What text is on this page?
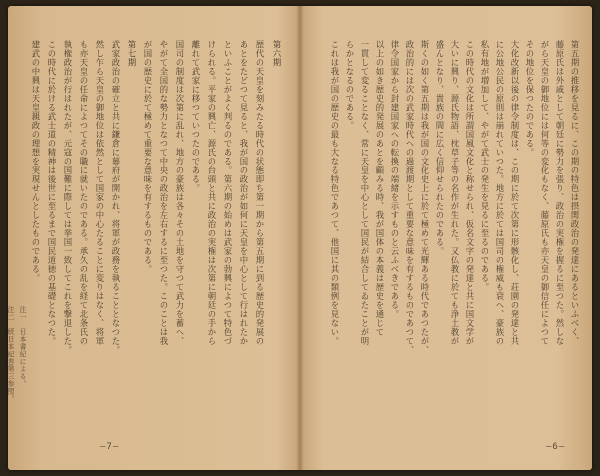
第六期
歴代の天皇を刻みたる時代の状態即ち第一期から第五期に到る歴史的発展の
あとをたどつて見ると、我が国の政治が如何に天皇を中心として行はれたか
といふことがよく判るのである。第六期の始めは武家の勃興によつて特色づ
けられる。平家の興亡、源氏の台頭と共に政治の実権は次第に朝廷の手から
離れて武家に移つていつたのである。
国司の制度は次第に乱れ、地方の豪族は各々その土地を守つて武力を蓄へ、
やがて全国的な勢力となつて中央の政治を左右するに至つた。このことは我
が国の歴史に於て極めて重要な意味を有するものである。
第七期
武家政治の確立と共に鎌倉に幕府が開かれ、将軍が政務を執ることとなつた。
然し乍ら天皇の御地位は依然として国家の中心たることに変りはなく、将軍
も亦天皇の任命によつてその職に就いたのである。承久の乱を経て北条氏の
執権政治が行はれたが、元寇の国難に際しては挙国一致してこれを撃退した。
この時代に於ける武士道の精神は後世に至るまで国民道徳の基礎となつた。
建武の中興は天皇親政の理想を実現せんとしたものである。
—7—
第五期の推移を見るに、この期の特色は摂関政治の発達にあるといふべく、
藤原氏は外戚として朝廷に勢力を張り、政治の実権を握るに至つた。然しな
がら天皇の御地位には何等の変化もなく、藤原氏も亦天皇の御信任によつて
その地位を保つたのである。
大化改新以後の律令制度は、この期に於て次第に形骸化し、荘園の発達と共
に公地公民の原則は崩れていつた。地方に於ては国司の権威も衰へ、豪族の
私有地が増加して、やがて武士の発生を見るに至るのである。
この時代の文化は所謂国風文化と称せられ、仮名文字の発達と共に国文学が
大いに興り、源氏物語、枕草子等の名作が生れた。又仏教に於ても浄土教が
盛んとなり、貴族の間に広く信仰せられたのである。
斯くの如く第五期は我が国の文化史上に於て極めて光輝ある時代であつたが、
政治的には次の武家時代への過渡期として重要な意味を有するものであつて、
律令国家から封建国家への転換の端緒を示すものと云ふべきである。
以上の如き歴史的発展のあとを顧みる時、我が国体の本義は歴史を通じて
一貫して変ることなく、常に天皇を中心として国民が結合してゐたことが明
らかとなるのである。
これは我が国の歴史の最も大なる特色であつて、他国に其の類例を見ない。
—6—
注一　日本書紀による。
注二　続日本紀巻第三参照。
